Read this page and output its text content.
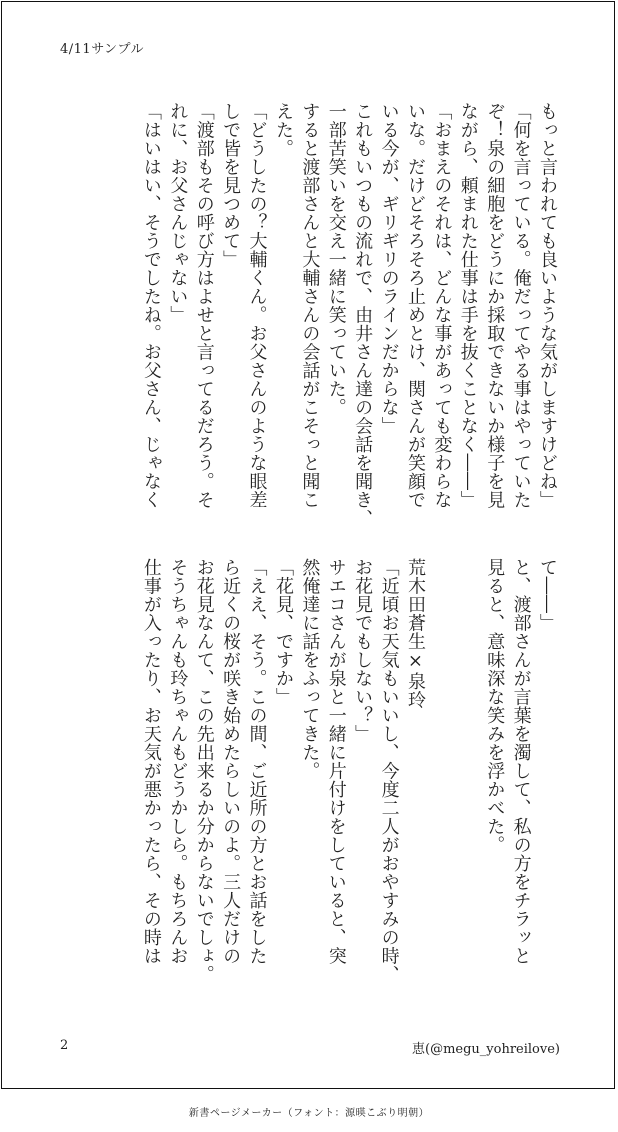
4/11サンプル
もっと言われても良いような気がしますけどね」
「何を言っている。俺だってやる事はやっていた
ぞ！泉の細胞をどうにか採取できないか様子を見
ながら、頼まれた仕事は手を抜くことなく――」
「おまえのそれは、どんな事があっても変わらな
いな。だけどそろそろ止めとけ、関さんが笑顔で
いる今が、ギリギリのラインだからな」
これもいつもの流れで、由井さん達の会話を聞き、
一部苦笑いを交え一緒に笑っていた。
すると渡部さんと大輔さんの会話がこそっと聞こ
えた。
「どうしたの？大輔くん。お父さんのような眼差
しで皆を見つめて」
「渡部もその呼び方はよせと言ってるだろう。そ
れに、お父さんじゃない」
「はいはい、そうでしたね。お父さん、じゃなく
て――」
と、渡部さんが言葉を濁して、私の方をチラッと
見ると、意味深な笑みを浮かべた。

荒木田蒼生×泉玲
「近頃お天気もいいし、今度二人がおやすみの時、
お花見でもしない？」
サエコさんが泉と一緒に片付けをしていると、突
然俺達に話をふってきた。
「花見、ですか」
「ええ、そう。この間、ご近所の方とお話をした
ら近くの桜が咲き始めたらしいのよ。三人だけの
お花見なんて、この先出来るか分からないでしょ。
そうちゃんも玲ちゃんもどうかしら。もちろんお
仕事が入ったり、お天気が悪かったら、その時は
2	恵(@megu_yohreilove)
新書ページメーカー（フォント：源暎こぶり明朝）
